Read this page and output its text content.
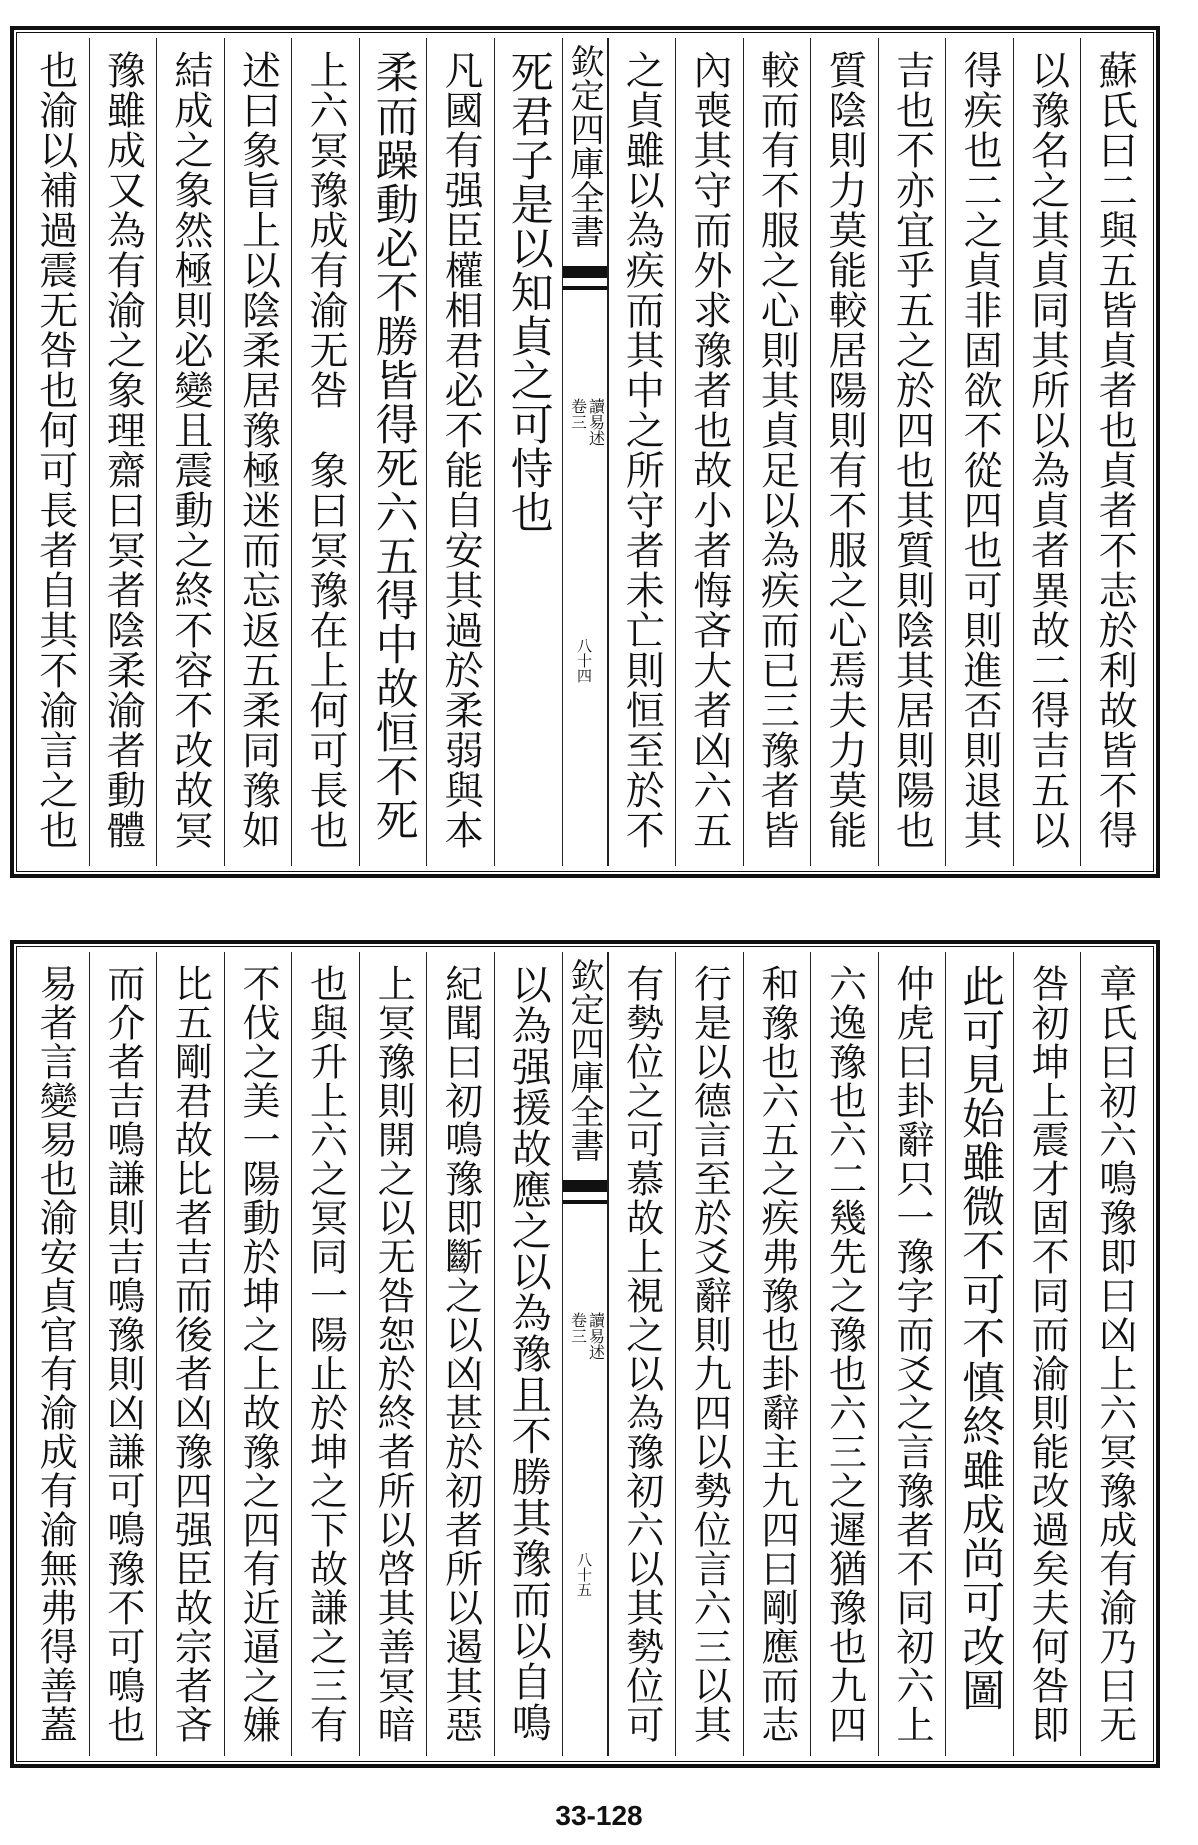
蘇氏曰二與五皆貞者也貞者不志於利故皆不得
以豫名之其貞同其所以為貞者異故二得吉五以
得疾也二之貞非固欲不從四也可則進否則退其
吉也不亦宜乎五之於四也其質則陰其居則陽也
質陰則力莫能較居陽則有不服之心焉夫力莫能
較而有不服之心則其貞足以為疾而已三豫者皆
內喪其守而外求豫者也故小者悔吝大者凶六五
之貞雖以為疾而其中之所守者未亡則恒至於不
欽定四庫全書
讀易述
卷三
八十四
死君子是以知貞之可恃也
凡國有强臣權相君必不能自安其過於柔弱與本
柔而躁動必不勝皆得死六五得中故恒不死
上六冥豫成有渝无咎　象曰冥豫在上何可長也
述曰象旨上以陰柔居豫極迷而忘返五柔同豫如
結成之象然極則必變且震動之終不容不改故冥
豫雖成又為有渝之象理齋曰冥者陰柔渝者動體
也渝以補過震无咎也何可長者自其不渝言之也
章氏曰初六鳴豫即曰凶上六冥豫成有渝乃曰无
咎初坤上震才固不同而渝則能改過矣夫何咎即
此可見始雖微不可不慎終雖成尚可改圖
仲虎曰卦辭只一豫字而爻之言豫者不同初六上
六逸豫也六二幾先之豫也六三之遲猶豫也九四
和豫也六五之疾弗豫也卦辭主九四曰剛應而志
行是以德言至於爻辭則九四以勢位言六三以其
有勢位之可慕故上視之以為豫初六以其勢位可
欽定四庫全書
讀易述
卷三
八十五
以為强援故應之以為豫且不勝其豫而以自鳴
紀聞曰初鳴豫即斷之以凶甚於初者所以遏其惡
上冥豫則開之以无咎恕於終者所以啓其善冥暗
也與升上六之冥同一陽止於坤之下故謙之三有
不伐之美一陽動於坤之上故豫之四有近逼之嫌
比五剛君故比者吉而後者凶豫四强臣故宗者吝
而介者吉鳴謙則吉鳴豫則凶謙可鳴豫不可鳴也
易者言變易也渝安貞官有渝成有渝無弗得善蓋
33-128
